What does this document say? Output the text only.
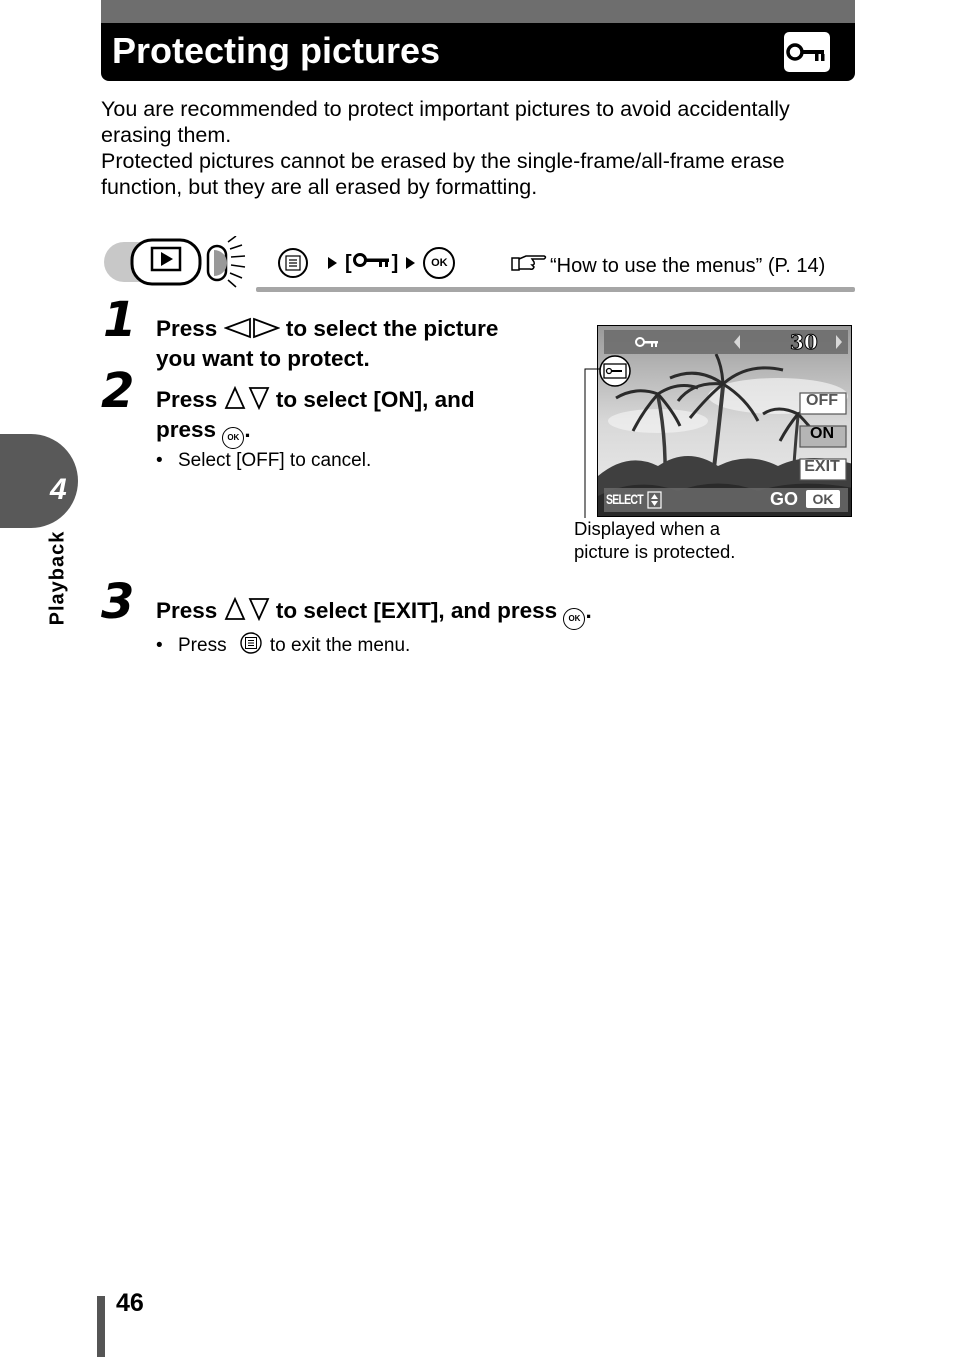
Protecting pictures

You are recommended to protect important pictures to avoid accidentally erasing them.

Protected pictures cannot be erased by the single-frame/all-frame erase function, but they are all erased by formatting.

[ ]	OK	“How to use the menus” (P. 14)
1 Press	to select the picture
you want to protect.
2 Press	to select [ON], and
press OK .
• Select [OFF] to cancel.
30
OFF
ON
EXIT
SELECT	GO	OK
Displayed when a
picture is protected.
3 Press	to select [EXIT], and press OK .
• Press to exit the menu.
4
Playback
46
